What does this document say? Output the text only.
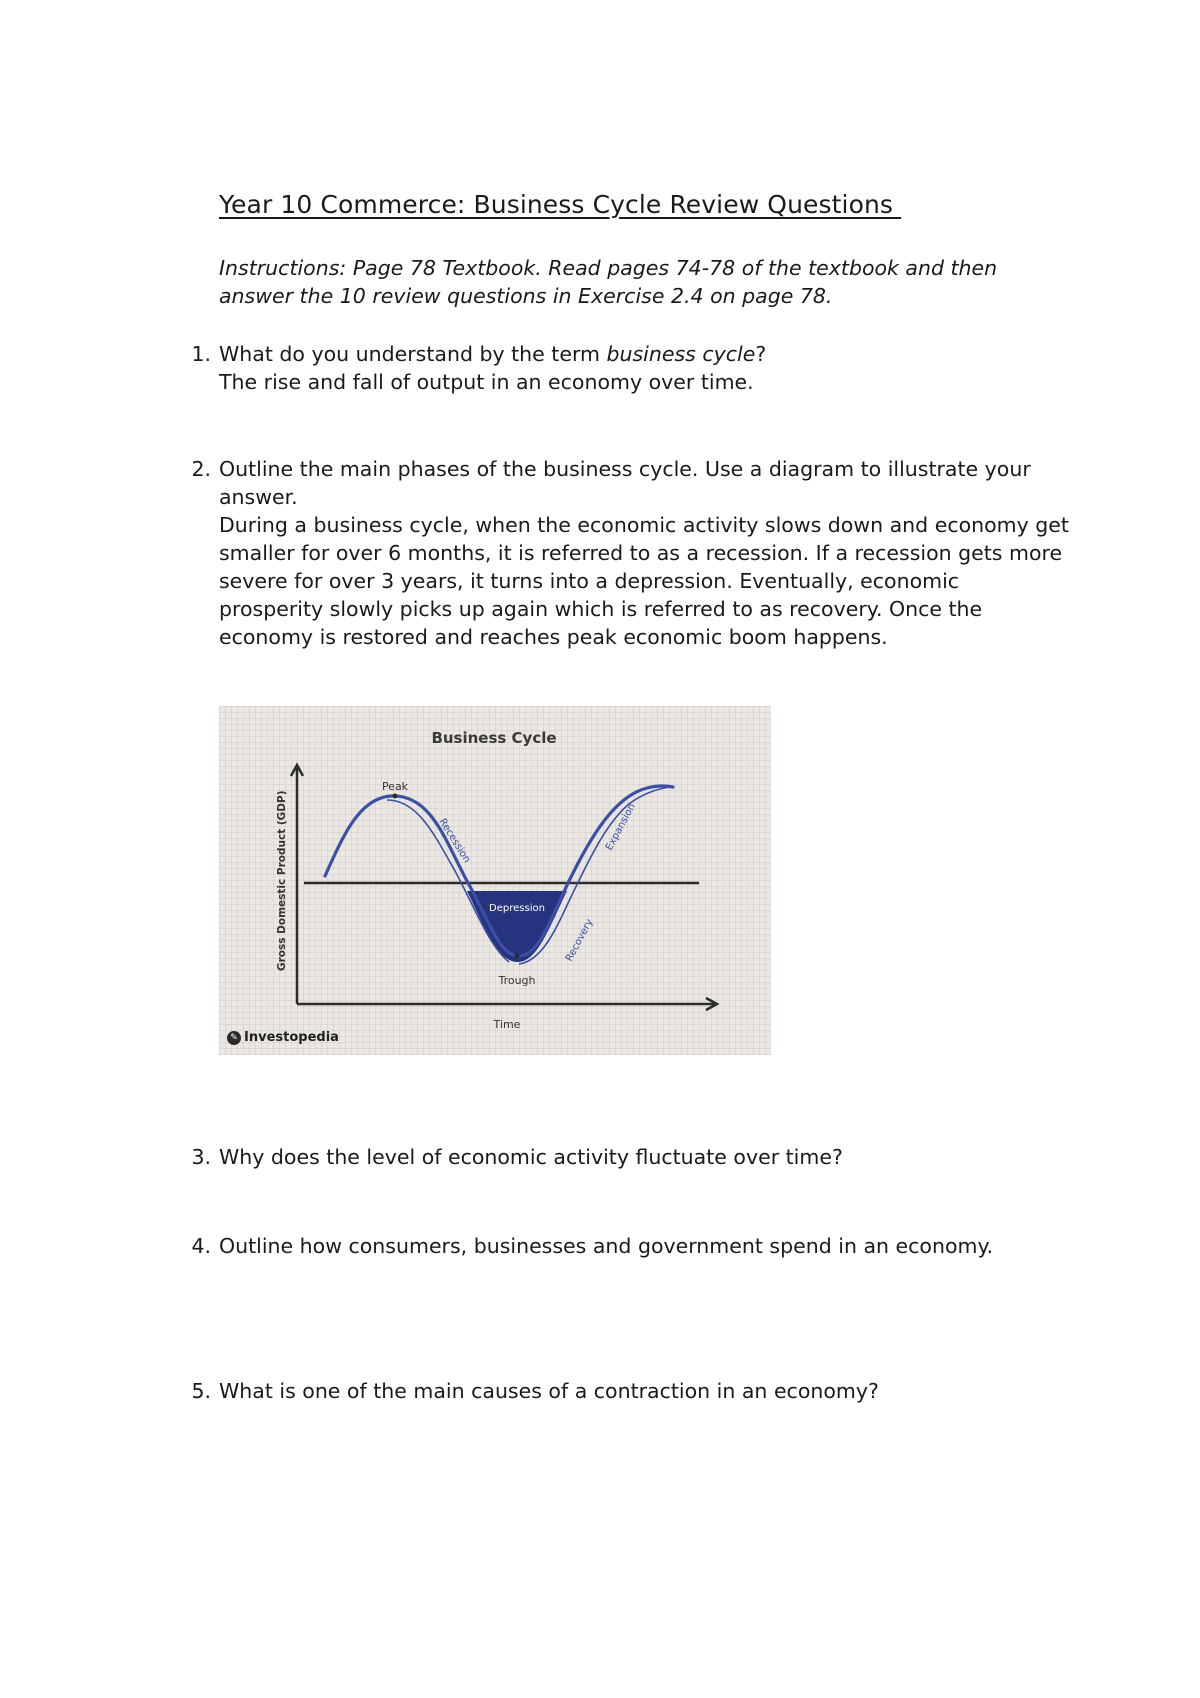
Year 10 Commerce: Business Cycle Review Questions
Instructions: Page 78 Textbook. Read pages 74-78 of the textbook and then answer the 10 review questions in Exercise 2.4 on page 78.
1. What do you understand by the term business cycle?
The rise and fall of output in an economy over time.
2. Outline the main phases of the business cycle. Use a diagram to illustrate your answer.
During a business cycle, when the economic activity slows down and economy get smaller for over 6 months, it is referred to as a recession. If a recession gets more severe for over 3 years, it turns into a depression. Eventually, economic prosperity slowly picks up again which is referred to as recovery. Once the economy is restored and reaches peak economic boom happens.
Business Cycle
Peak
Recession
Depression
Trough
Recovery
Expansion
Gross Domestic Product (GDP)
Time
✎ Investopedia
3. Why does the level of economic activity fluctuate over time?
4. Outline how consumers, businesses and government spend in an economy.
5. What is one of the main causes of a contraction in an economy?
